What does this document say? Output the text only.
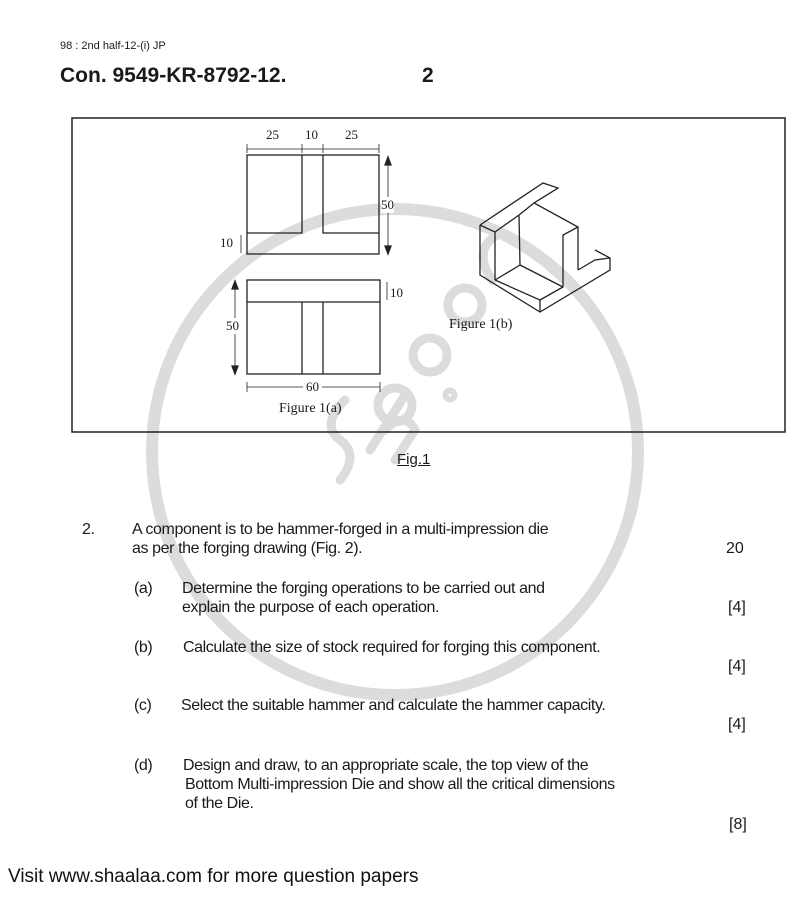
98 : 2nd half-12-(i) JP
Con. 9549-KR-8792-12.	2
25 10 25
50
10
50
10
60
Figure 1(a)
Figure 1(b)
Fig.1
2. A component is to be hammer-forged in a multi-impression die
as per the forging drawing (Fig. 2).	20
(a) Determine the forging operations to be carried out and
explain the purpose of each operation.	[4]
(b) Calculate the size of stock required for forging this component.
[4]
(c) Select the suitable hammer and calculate the hammer capacity.
[4]
(d) Design and draw, to an appropriate scale, the top view of the
Bottom Multi-impression Die and show all the critical dimensions
of the Die.
[8]
Visit www.shaalaa.com for more question papers
